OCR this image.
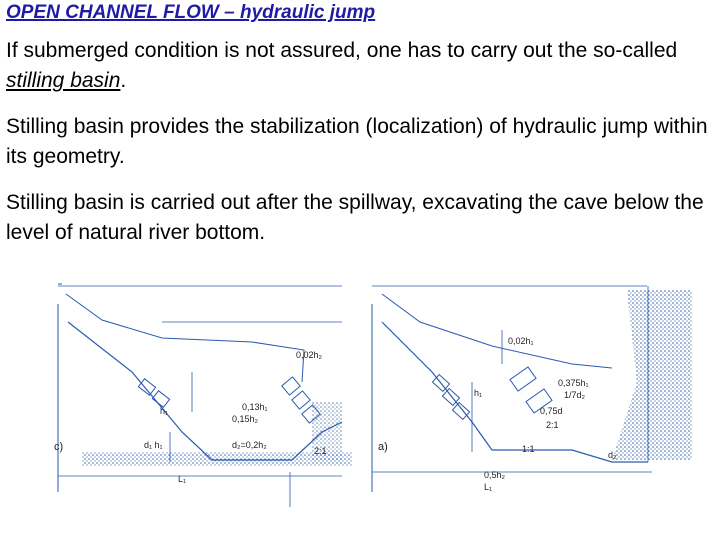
OPEN CHANNEL FLOW – hydraulic jump

If submerged condition is not assured, one has to carry out the so-called stilling basin.

Stilling basin provides the stabilization (localization) of hydraulic jump within its geometry.

Stilling basin is carried out after the spillway, excavating the cave below the level of natural river bottom.

c)
0,02h₂
0,13h₁
0,15h₂
h₁
d₁ h₁	d₂=0,2h₂
2:1
L₁
a)
0,02h₁
h₁
0,375h₁
1/7d₂
0,75d
2:1
1:1
0,5h₂
L₁
d₂
